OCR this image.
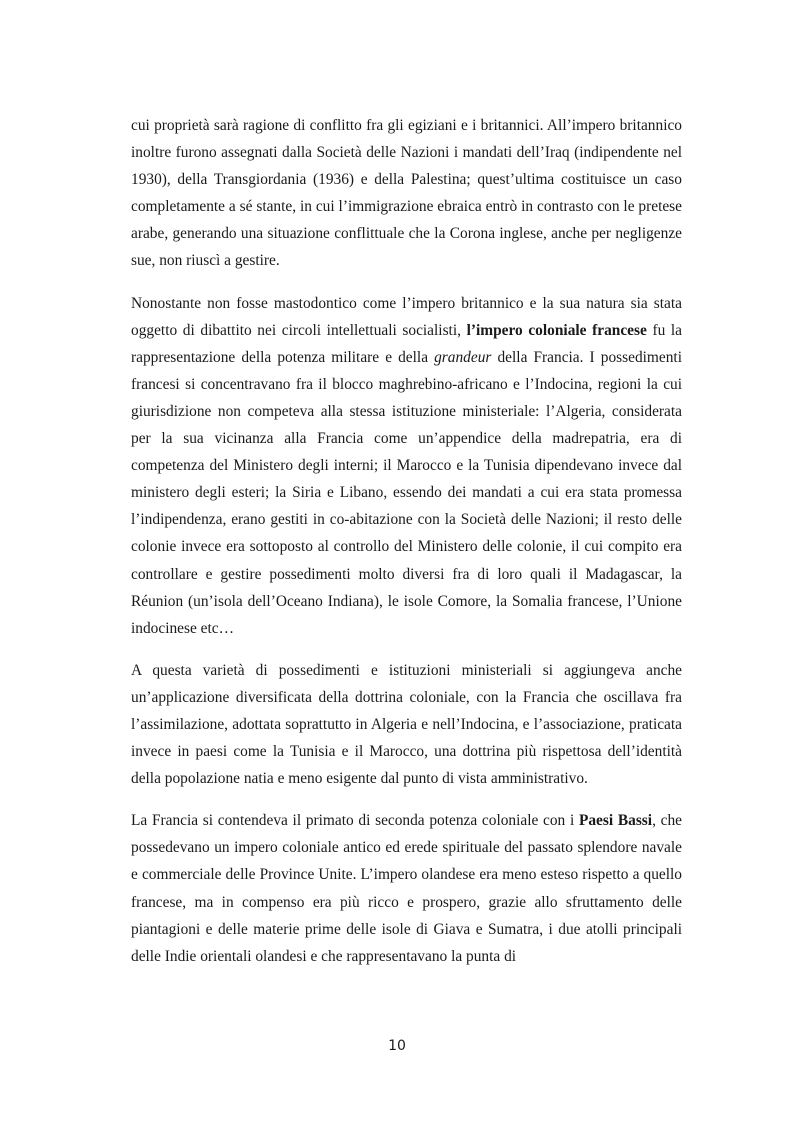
cui proprietà sarà ragione di conflitto fra gli egiziani e i britannici. All’impero britannico inoltre furono assegnati dalla Società delle Nazioni i mandati dell’Iraq (indipendente nel 1930), della Transgiordania (1936) e della Palestina; quest’ultima costituisce un caso completamente a sé stante, in cui l’immigrazione ebraica entrò in contrasto con le pretese arabe, generando una situazione conflittuale che la Corona inglese, anche per negligenze sue, non riuscì a gestire.

Nonostante non fosse mastodontico come l’impero britannico e la sua natura sia stata oggetto di dibattito nei circoli intellettuali socialisti, l’impero coloniale francese fu la rappresentazione della potenza militare e della grandeur della Francia. I possedimenti francesi si concentravano fra il blocco maghrebino-africano e l’Indocina, regioni la cui giurisdizione non competeva alla stessa istituzione ministeriale: l’Algeria, considerata per la sua vicinanza alla Francia come un’appendice della madrepatria, era di competenza del Ministero degli interni; il Marocco e la Tunisia dipendevano invece dal ministero degli esteri; la Siria e Libano, essendo dei mandati a cui era stata promessa l’indipendenza, erano gestiti in co-abitazione con la Società delle Nazioni; il resto delle colonie invece era sottoposto al controllo del Ministero delle colonie, il cui compito era controllare e gestire possedimenti molto diversi fra di loro quali il Madagascar, la Réunion (un’isola dell’Oceano Indiana), le isole Comore, la Somalia francese, l’Unione indocinese etc…

A questa varietà di possedimenti e istituzioni ministeriali si aggiungeva anche un’applicazione diversificata della dottrina coloniale, con la Francia che oscillava fra l’assimilazione, adottata soprattutto in Algeria e nell’Indocina, e l’associazione, praticata invece in paesi come la Tunisia e il Marocco, una dottrina più rispettosa dell’identità della popolazione natia e meno esigente dal punto di vista amministrativo.

La Francia si contendeva il primato di seconda potenza coloniale con i Paesi Bassi, che possedevano un impero coloniale antico ed erede spirituale del passato splendore navale e commerciale delle Province Unite. L’impero olandese era meno esteso rispetto a quello francese, ma in compenso era più ricco e prospero, grazie allo sfruttamento delle piantagioni e delle materie prime delle isole di Giava e Sumatra, i due atolli principali delle Indie orientali olandesi e che rappresentavano la punta di

10
